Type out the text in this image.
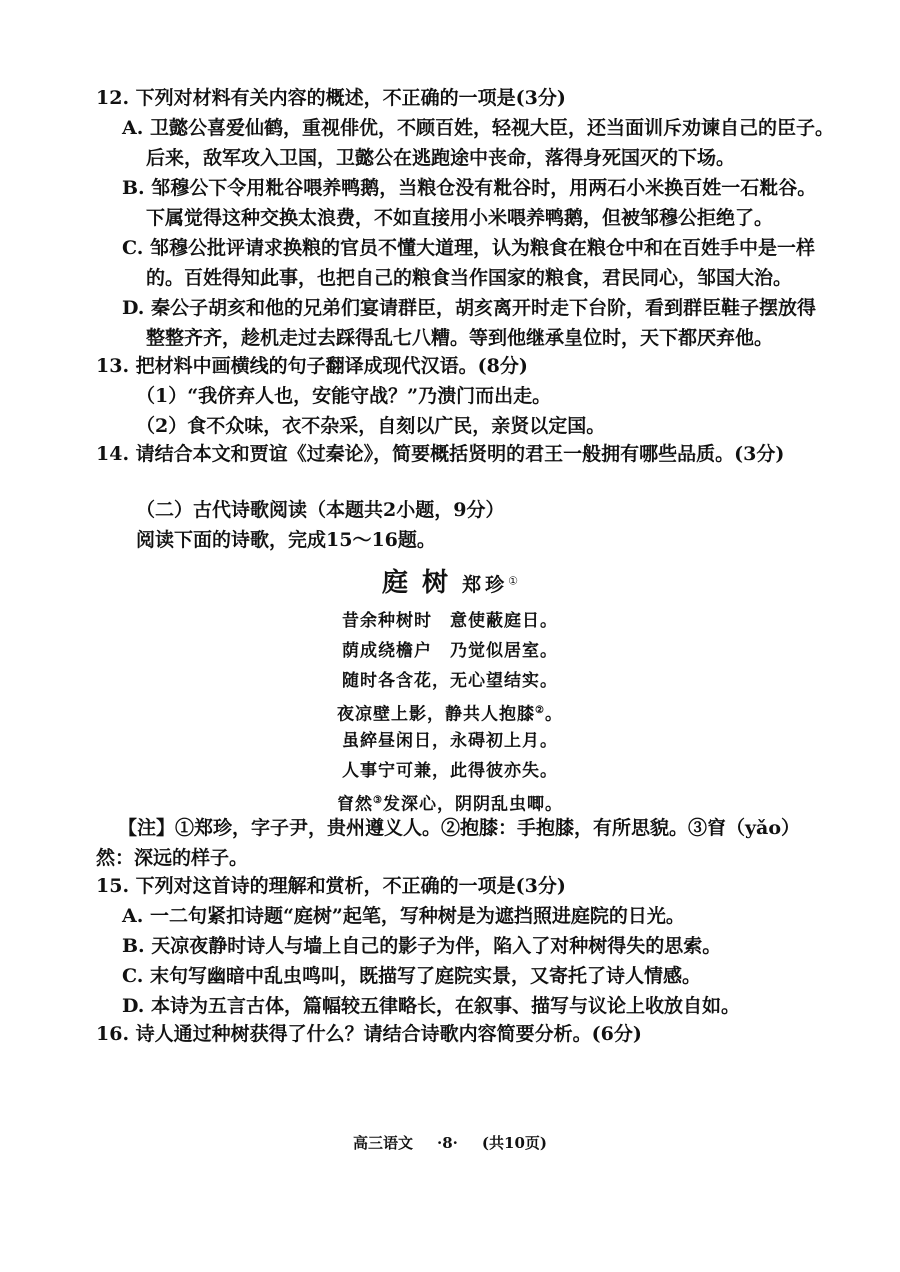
12. 下列对材料有关内容的概述，不正确的一项是(3分)
A. 卫懿公喜爱仙鹤，重视俳优，不顾百姓，轻视大臣，还当面训斥劝谏自己的臣子。
后来，敌军攻入卫国，卫懿公在逃跑途中丧命，落得身死国灭的下场。
B. 邹穆公下令用粃谷喂养鸭鹅，当粮仓没有粃谷时，用两石小米换百姓一石粃谷。
下属觉得这种交换太浪费，不如直接用小米喂养鸭鹅，但被邹穆公拒绝了。
C. 邹穆公批评请求换粮的官员不懂大道理，认为粮食在粮仓中和在百姓手中是一样
的。百姓得知此事，也把自己的粮食当作国家的粮食，君民同心，邹国大治。
D. 秦公子胡亥和他的兄弟们宴请群臣，胡亥离开时走下台阶，看到群臣鞋子摆放得
整整齐齐，趁机走过去踩得乱七八糟。等到他继承皇位时，天下都厌弃他。
13. 把材料中画横线的句子翻译成现代汉语。(8分)
（1）“我侪弃人也，安能守战？”乃溃门而出走。
（2）食不众味，衣不杂采，自刻以广民，亲贤以定国。
14. 请结合本文和贾谊《过秦论》，简要概括贤明的君王一般拥有哪些品质。(3分)
（二）古代诗歌阅读（本题共2小题，9分）
阅读下面的诗歌，完成15～16题。
庭树郑珍①
昔余种树时　意使蔽庭日。
荫成绕檐户　乃觉似居室。
随时各含花，无心望结实。
夜凉壁上影，静共人抱膝②。
虽綷昼闲日，永碍初上月。
人事宁可兼，此得彼亦失。
窅然③发深心，阴阴乱虫唧。
【注】①郑珍，字子尹，贵州遵义人。②抱膝：手抱膝，有所思貌。③窅（yǎo）
然：深远的样子。
15. 下列对这首诗的理解和赏析，不正确的一项是(3分)
A. 一二句紧扣诗题“庭树”起笔，写种树是为遮挡照进庭院的日光。
B. 天凉夜静时诗人与墙上自己的影子为伴，陷入了对种树得失的思索。
C. 末句写幽暗中乱虫鸣叫，既描写了庭院实景，又寄托了诗人情感。
D. 本诗为五言古体，篇幅较五律略长，在叙事、描写与议论上收放自如。
16. 诗人通过种树获得了什么？请结合诗歌内容简要分析。(6分)
高三语文 ·8· (共10页)
